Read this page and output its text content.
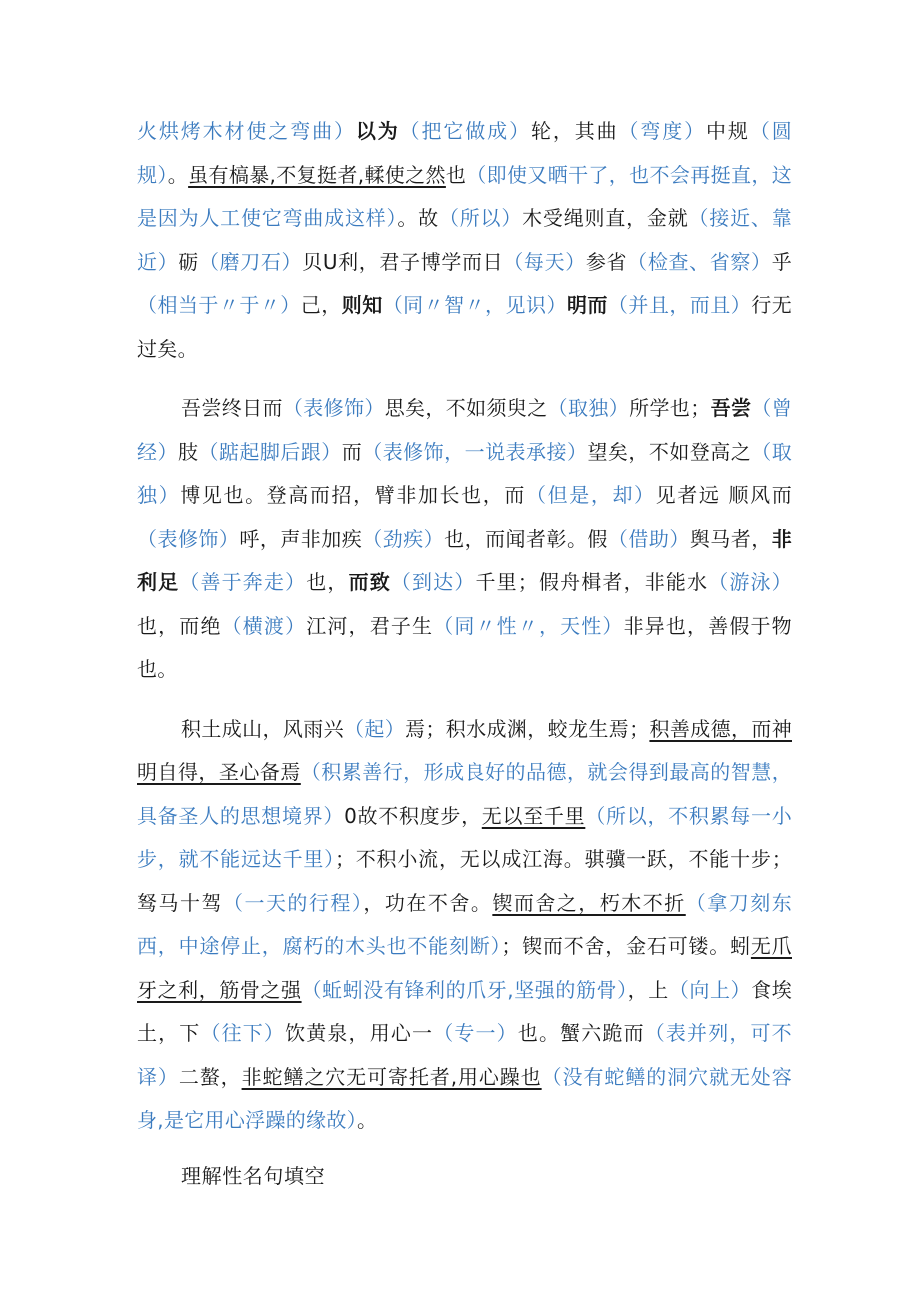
火烘烤木材使之弯曲）以为（把它做成）轮，其曲（弯度）中规（圆规）。虽有槁暴,不复挺者,輮使之然也（即使又晒干了，也不会再挺直，这是因为人工使它弯曲成这样）。故（所以）木受绳则直，金就（接近、靠近）砺（磨刀石）贝U利，君子博学而日（每天）参省（检查、省察）乎（相当于〃于〃）己，则知（同〃智〃，见识）明而（并且，而且）行无过矣。

吾尝终日而（表修饰）思矣，不如须臾之（取独）所学也；吾尝（曾经）肢（踮起脚后跟）而（表修饰，一说表承接）望矣，不如登高之（取独）博见也。登高而招，臂非加长也，而（但是，却）见者远 顺风而（表修饰）呼，声非加疾（劲疾）也，而闻者彰。假（借助）舆马者，非利足（善于奔走）也，而致（到达）千里；假舟楫者，非能水（游泳）也，而绝（横渡）江河，君子生（同〃性〃，天性）非异也，善假于物也。

积土成山，风雨兴（起）焉；积水成渊，蛟龙生焉；积善成德，而神明自得，圣心备焉（积累善行，形成良好的品德，就会得到最高的智慧，具备圣人的思想境界）0故不积度步，无以至千里（所以，不积累每一小步，就不能远达千里）；不积小流，无以成江海。骐骥一跃，不能十步；驽马十驾（一天的行程），功在不舍。锲而舍之，朽木不折（拿刀刻东西，中途停止，腐朽的木头也不能刻断）；锲而不舍，金石可镂。蚓无爪牙之利，筋骨之强（蚯蚓没有锋利的爪牙,坚强的筋骨），上（向上）食埃土，下（往下）饮黄泉，用心一（专一）也。蟹六跪而（表并列，可不译）二螯，非蛇鳝之穴无可寄托者,用心躁也（没有蛇鳝的洞穴就无处容身,是它用心浮躁的缘故）。

理解性名句填空
